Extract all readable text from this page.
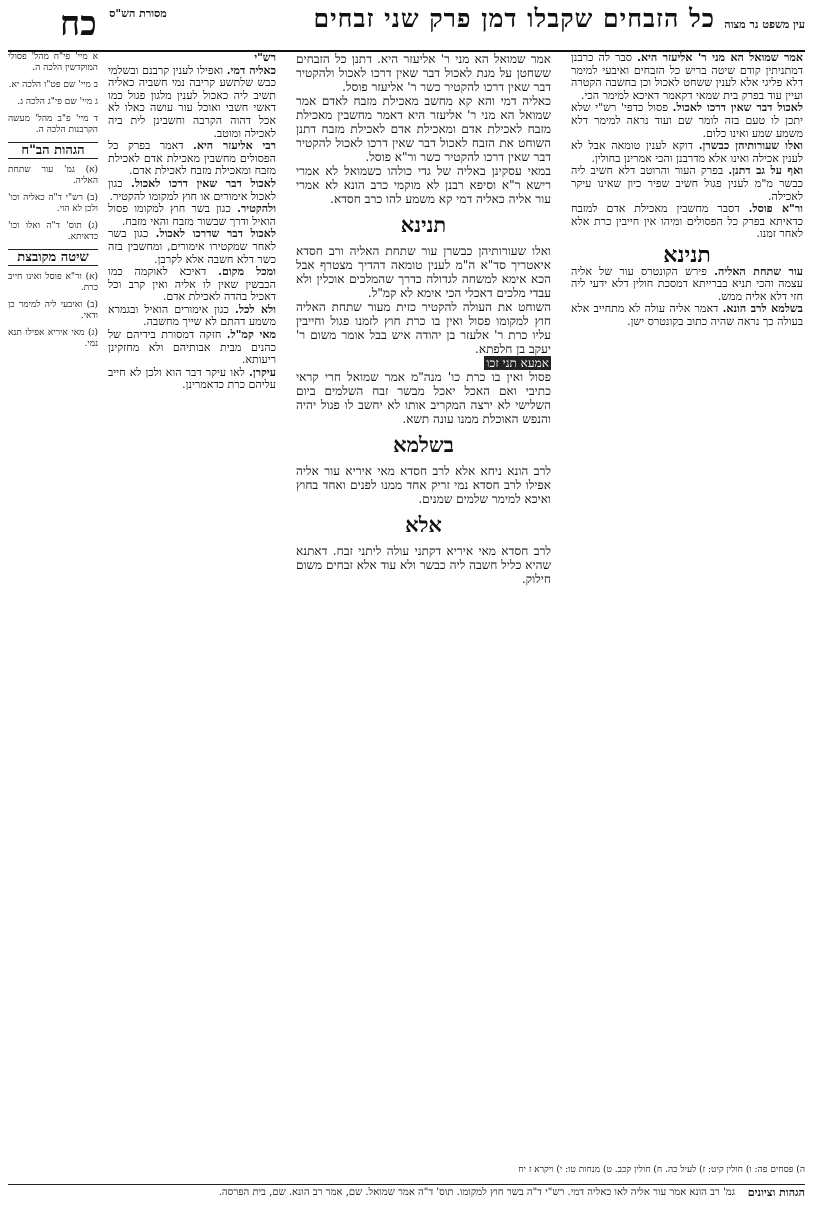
עין משפט נר מצוה
כל הזבחים שקבלו דמן פרק שני זבחים
מסורת הש"ס
כח

אמר שמואל הא מני ר' אליעזר היא. סבר לה כרבנן דמתניתין קודם שיטה בריש כל הזבחים ואיבעי למימר דלא פליגי אלא לענין ששחט לאכול וכן בחשבה הקטרה ועיין עוד בפרק בית שמאי דקאמר דאיכא למימר הכי.

לאכול דבר שאין דרכו לאכול. פסול כדפי' רש"י שלא יתכן לו טעם בזה לומר שם ועוד נראה למימר דלא משמע שמע ואינו כלום.

ואלו שעורותיהן כבשרן. דוקא לענין טומאה אבל לא לענין אכילה ואינו אלא מדרבנן והכי אמרינן בחולין.

ואף על גב דתנן. בפרק העור והרוטב דלא חשיב ליה כבשר מ"מ לענין פגול חשיב שפיר כיון שאינו עיקר לאכילה.

ור"א פוסל. דסבר מחשבין מאכילת אדם למזבח כדאיתא בפרק כל הפסולים ומיהו אין חייבין כרת אלא לאחר זמנו.

תנינא

עור שתחת האליה. פירש הקונטרס עור של אליה עצמה והכי תניא בברייתא דמסכת חולין דלא ידעי ליה חזי דלא אליה ממש.

בשלמא לרב הונא. דאמר אליה עולה לא מתחייב אלא בעולה כך נראה שהיה כתוב בקונטרס ישן.

אמר שמואל הא מני ר' אליעזר היא. דתנן כל הזבחים ששחטן על מנת לאכול דבר שאין דרכו לאכול ולהקטיר דבר שאין דרכו להקטיר כשר ר' אליעזר פוסל.

כאליה דמי והא קא מחשב מאכילת מזבח לאדם אמר שמואל הא מני ר' אליעזר היא דאמר מחשבין מאכילת מזבח לאכילת אדם ומאכילת אדם לאכילת מזבח דתנן השוחט את הזבח לאכול דבר שאין דרכו לאכול להקטיר דבר שאין דרכו להקטיר כשר ור"א פוסל.

במאי עסקינן באליה של גדי כולהו כשמואל לא אמרי רישא ר"א וסיפא רבנן לא מוקמי כרב הונא לא אמרי עור אליה כאליה דמי קא משמע להו כרב חסדא.

תנינא

ואלו שעורותיהן כבשרן עור שתחת האליה ורב חסדא איאטריך סד"א ה"מ לענין טומאה דהדיך מצטרף אבל הכא אימא למשחה לגדולה כדרך שהמלכים אוכלין ולא עבדי מלכים דאכלי הכי אימא לא קמ"ל.

השוחט את העולה להקטיר כזית מעור שתחת האליה חוץ למקומו פסול ואין בו כרת חוץ לזמנו פגול וחייבין עליו כרת ר' אלעזר בן יהודה איש בבל אומר משום ר' יעקב בן חלפתא.

אמעא תני זכו

פסול ואין בו כרת כו' מנה"מ אמר שמואל חרי קראי כתיבי ואם האכל יאכל מבשר זבח השלמים ביום השלישי לא ירצה המקריב אותו לא יחשב לו פגול יהיה והנפש האוכלת ממנו עונה תשא.

בשלמא

לרב הונא ניחא אלא לרב חסדא מאי איריא עור אליה אפילו לרב חסדא נמי זריק אחד ממנו לפנים ואחד בחוץ ואיכא למימר שלמים שמנים.

אלא

לרב חסדא מאי איריא דקתני עולה ליתני זבח. דאתנא שהיא כליל חשבה ליה כבשר ולא עוד אלא זבחים משום חילוק.

רש"י

כאליה דמי. ואפילו לענין קרבנם ובשלמי כבש שלתשע קריבה נמי חשביה כאליה תשיב ליה כאכול לענין מלגון פגול כמו דאשי חשבי ואוכל עור עושה כאלו לא אכל דהוה הקרבה וחשבינן לית ביה לאכילה ומוטב.

רבי אליעזר היא. דאמר בפרק כל הפסולים מחשבין מאכילת אדם לאכילת מזבח ומאכילת מזבח לאכילת אדם.

לאכול דבר שאין דרכו לאכול. כגון לאכול אימורים או חוץ למקומו להקטיר.

ולהקטיר. כגון בשר חוץ למקומו פסול הואיל ודרך שבשור מזבח והאי מזבח.

לאכול דבר שדרכו לאכול. כגון בשר לאחר שמקטירו אימורים, ומחשבין בזה כשר דלא חשבה אלא לקרבן.

ומכל מקום. דאיכא לאוקמה כמו הכבשין שאין לו אליה ואין קרב וכל דאכיל בהדה לאכילת אדם.

ולא לכל. כגון אימורים הואיל ובגמרא משמע דהתם לא שייך מחשבה.

מאי קמ"ל. חזקה דמסורת בידיהם של כהנים מבית אבותיהם ולא מחזקינן ריעותא.

עיקרן. לאו עיקר דבר הוא ולכן לא חייב עליהם כרת כדאמרינן.

א מיי' פי"ח מהל' פסולי המוקדשין הלכה ה.

ב מיי' שם פט"ו הלכה יא.

ג מיי' שם פי"ג הלכה ג.

ד מיי' פ"ב מהל' מעשה הקרבנות הלכה ה.

הגהות הב"ח

(א) גמ' עור שתחת האליה.

(ב) רש"י ד"ה כאליה וכו' ולכן לא הוי.

(ג) תוס' ד"ה ואלו וכו' כדאיתא.

שיטה מקובצת

(א) ור"א פוסל ואינו חייב כרת.

(ב) ואיבעי ליה למימר כן ודאי.

(ג) מאי איריא אפילו תנא נמי.

ה) פסחים פה: ו) חולין קיט: ז) לעיל כה. ח) חולין קכב. ט) מנחות טו: י) ויקרא ז יח
הגהות וציונים
גמ' רב הונא אמר עור אליה לאו כאליה דמי. רש"י ד"ה בשר חוץ למקומו. תוס' ד"ה אמר שמואל. שם, אמר רב הונא. שם, בית הפרסה.
